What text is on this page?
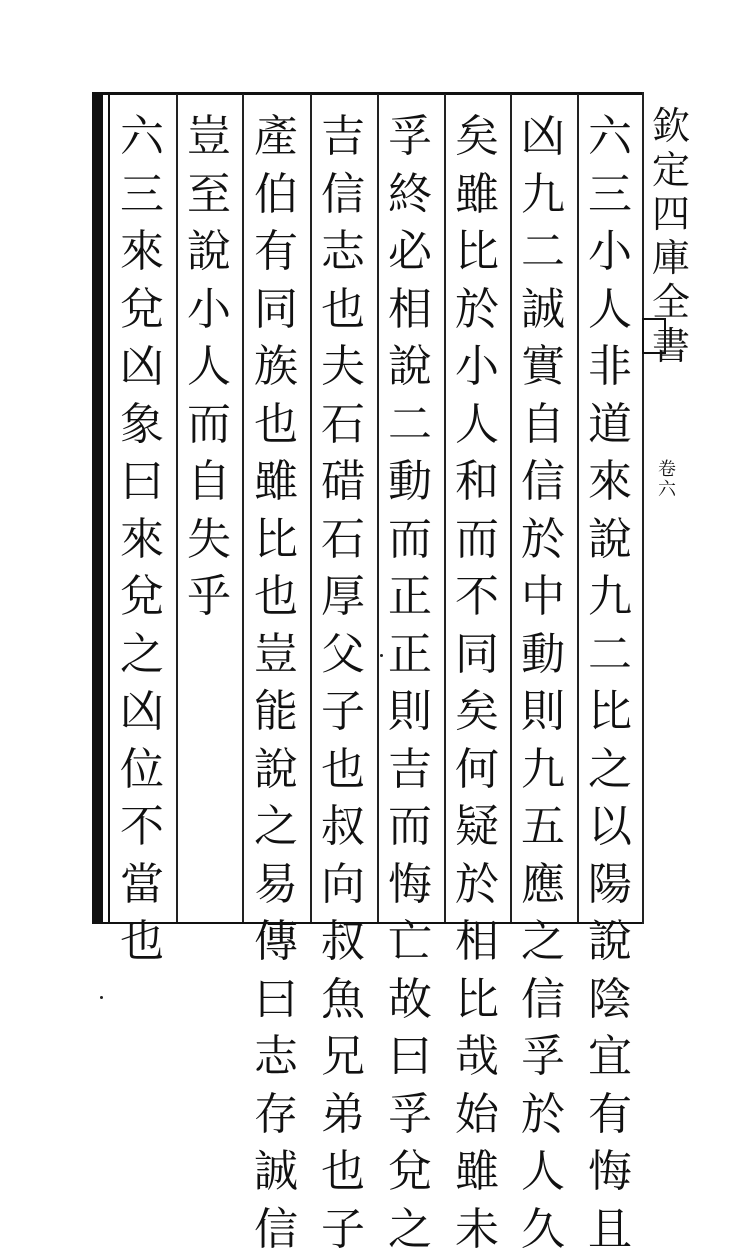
六三小人非道來說九二比之以陽說陰宜有悔且
凶九二誠實自信於中動則九五應之信孚於人久
矣雖比於小人和而不同矣何疑於相比哉始雖未
孚終必相說二動而正正則吉而悔亡故曰孚兌之
吉信志也夫石碏石厚父子也叔向叔魚兄弟也子
產伯有同族也雖比也豈能說之易傳曰志存誠信
豈至說小人而自失乎
六三來兌凶象曰來兌之凶位不當也
欽定四庫全書
卷六
